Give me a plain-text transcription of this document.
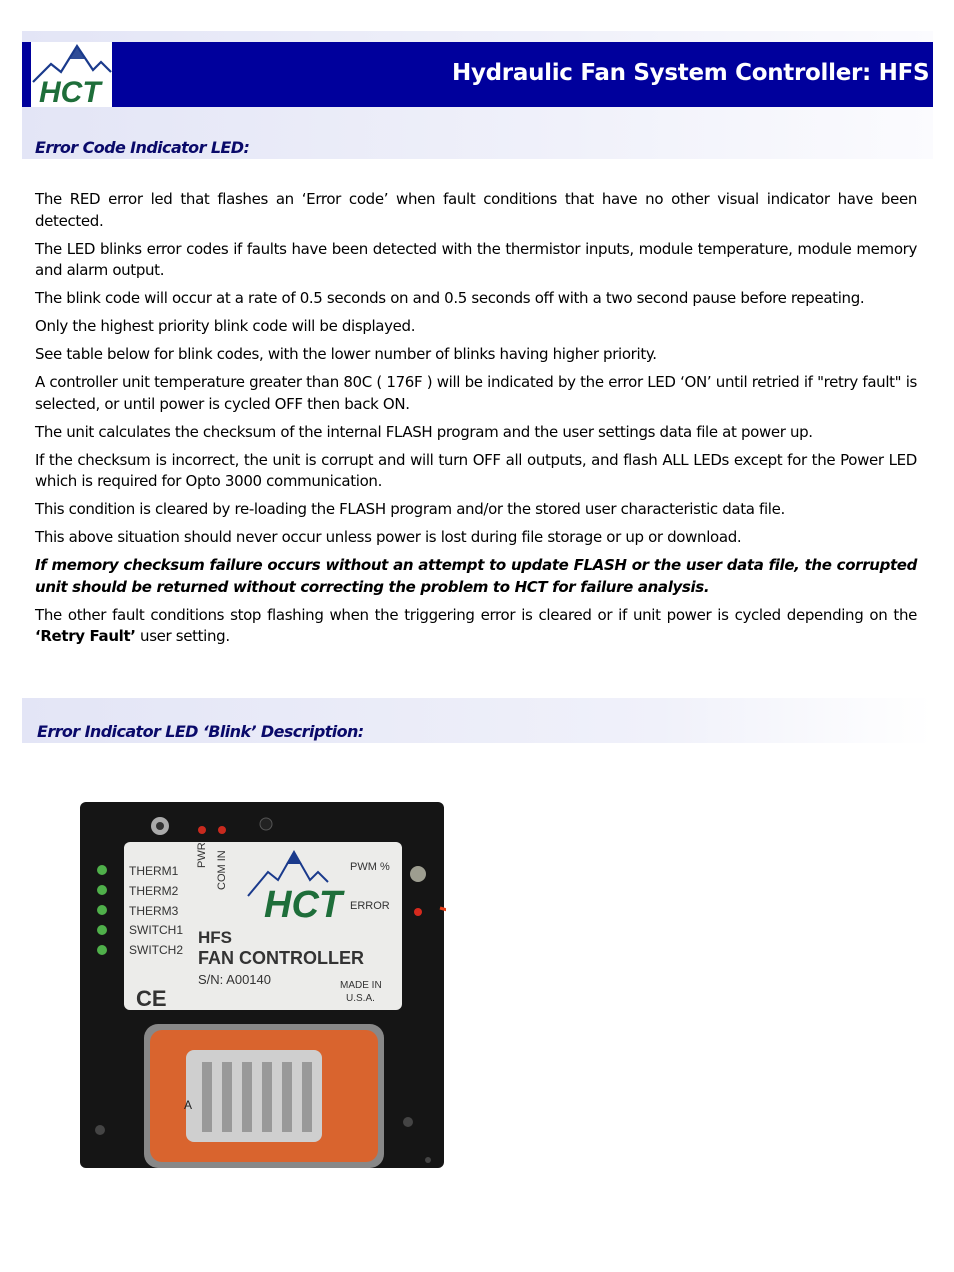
HCT
Hydraulic Fan System Controller: HFS
Error Code Indicator LED:

The RED error led that flashes an ‘Error code’ when fault conditions that have no other visual indicator have been detected.

The LED blinks error codes if faults have been detected with the thermistor inputs, module temperature, module memory and alarm output.

The blink code will occur at a rate of 0.5 seconds on and 0.5 seconds off with a two second pause before repeating.

Only the highest priority blink code will be displayed.

See table below for blink codes, with the lower number of blinks having higher priority.

A controller unit temperature greater than 80C ( 176F ) will be indicated by the error LED ‘ON’ until retried if "retry fault" is selected, or until power is cycled OFF then back ON.

The unit calculates the checksum of the internal FLASH program and the user settings data file at power up.

If the checksum is incorrect, the unit is corrupt and will turn OFF all outputs, and flash ALL LEDs except for the Power LED which is required for Opto 3000 communication.

This condition is cleared by re-loading the FLASH program and/or the stored user characteristic data file.

This above situation should never occur unless power is lost during file storage or up or download.

If memory checksum failure occurs without an attempt to update FLASH or the user data file, the corrupted unit should be returned without correcting the problem to HCT for failure analysis.

The other fault conditions stop flashing when the triggering error is cleared or if unit power is cycled depending on the ‘Retry Fault’ user setting.

Error Indicator LED ‘Blink’ Description:
PWR COM IN
THERM1
THERM2
THERM3
SWITCH1
SWITCH2
PWM %
ERROR
HCT
HFS
FAN CONTROLLER
S/N: A00140
CE
MADE IN
U.S.A.
A
